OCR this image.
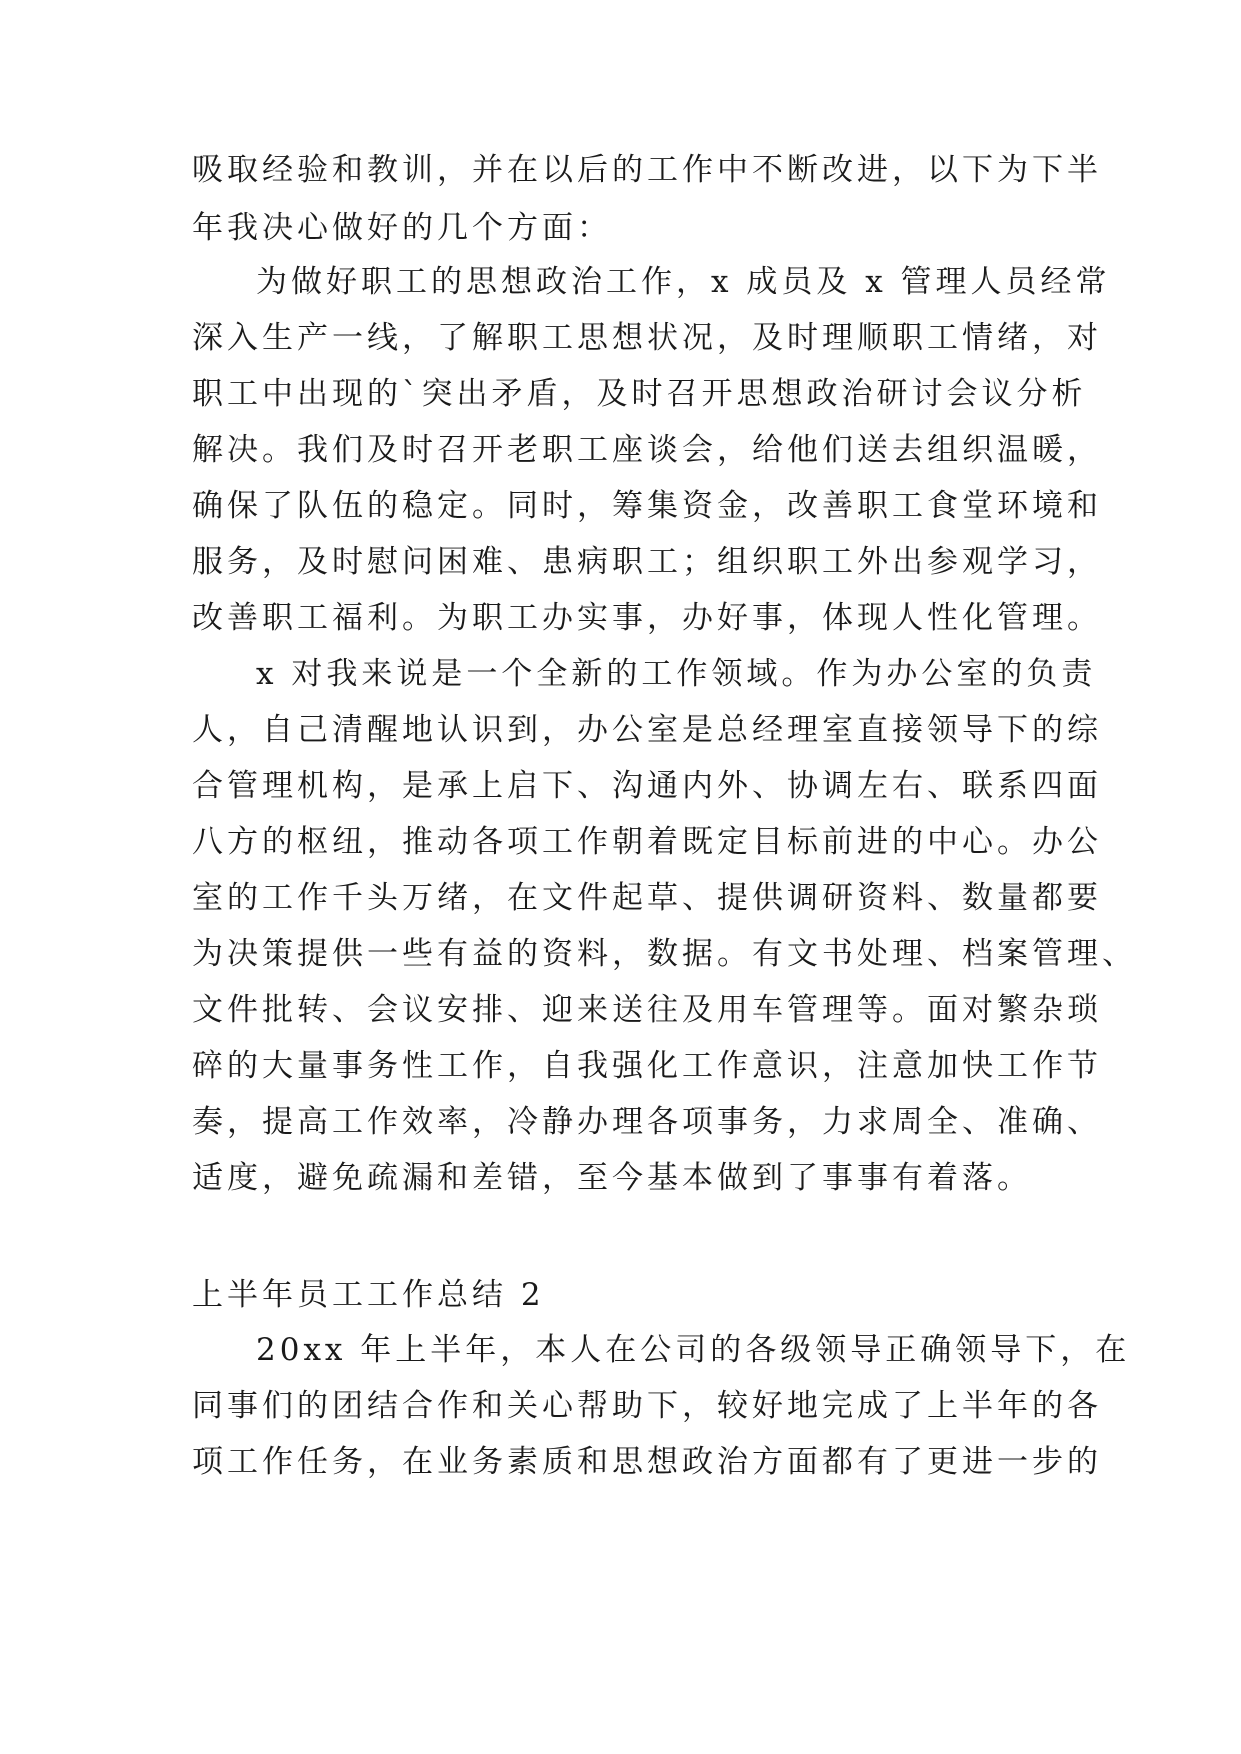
吸取经验和教训，并在以后的工作中不断改进，以下为下半
年我决心做好的几个方面：
为做好职工的思想政治工作，x 成员及 x 管理人员经常
深入生产一线，了解职工思想状况，及时理顺职工情绪，对
职工中出现的`突出矛盾，及时召开思想政治研讨会议分析
解决。我们及时召开老职工座谈会，给他们送去组织温暖，
确保了队伍的稳定。同时，筹集资金，改善职工食堂环境和
服务，及时慰问困难、患病职工；组织职工外出参观学习，
改善职工福利。为职工办实事，办好事，体现人性化管理。
x 对我来说是一个全新的工作领域。作为办公室的负责
人，自己清醒地认识到，办公室是总经理室直接领导下的综
合管理机构，是承上启下、沟通内外、协调左右、联系四面
八方的枢纽，推动各项工作朝着既定目标前进的中心。办公
室的工作千头万绪，在文件起草、提供调研资料、数量都要
为决策提供一些有益的资料，数据。有文书处理、档案管理、
文件批转、会议安排、迎来送往及用车管理等。面对繁杂琐
碎的大量事务性工作，自我强化工作意识，注意加快工作节
奏，提高工作效率，冷静办理各项事务，力求周全、准确、
适度，避免疏漏和差错，至今基本做到了事事有着落。
上半年员工工作总结 2
20xx 年上半年，本人在公司的各级领导正确领导下，在
同事们的团结合作和关心帮助下，较好地完成了上半年的各
项工作任务，在业务素质和思想政治方面都有了更进一步的
